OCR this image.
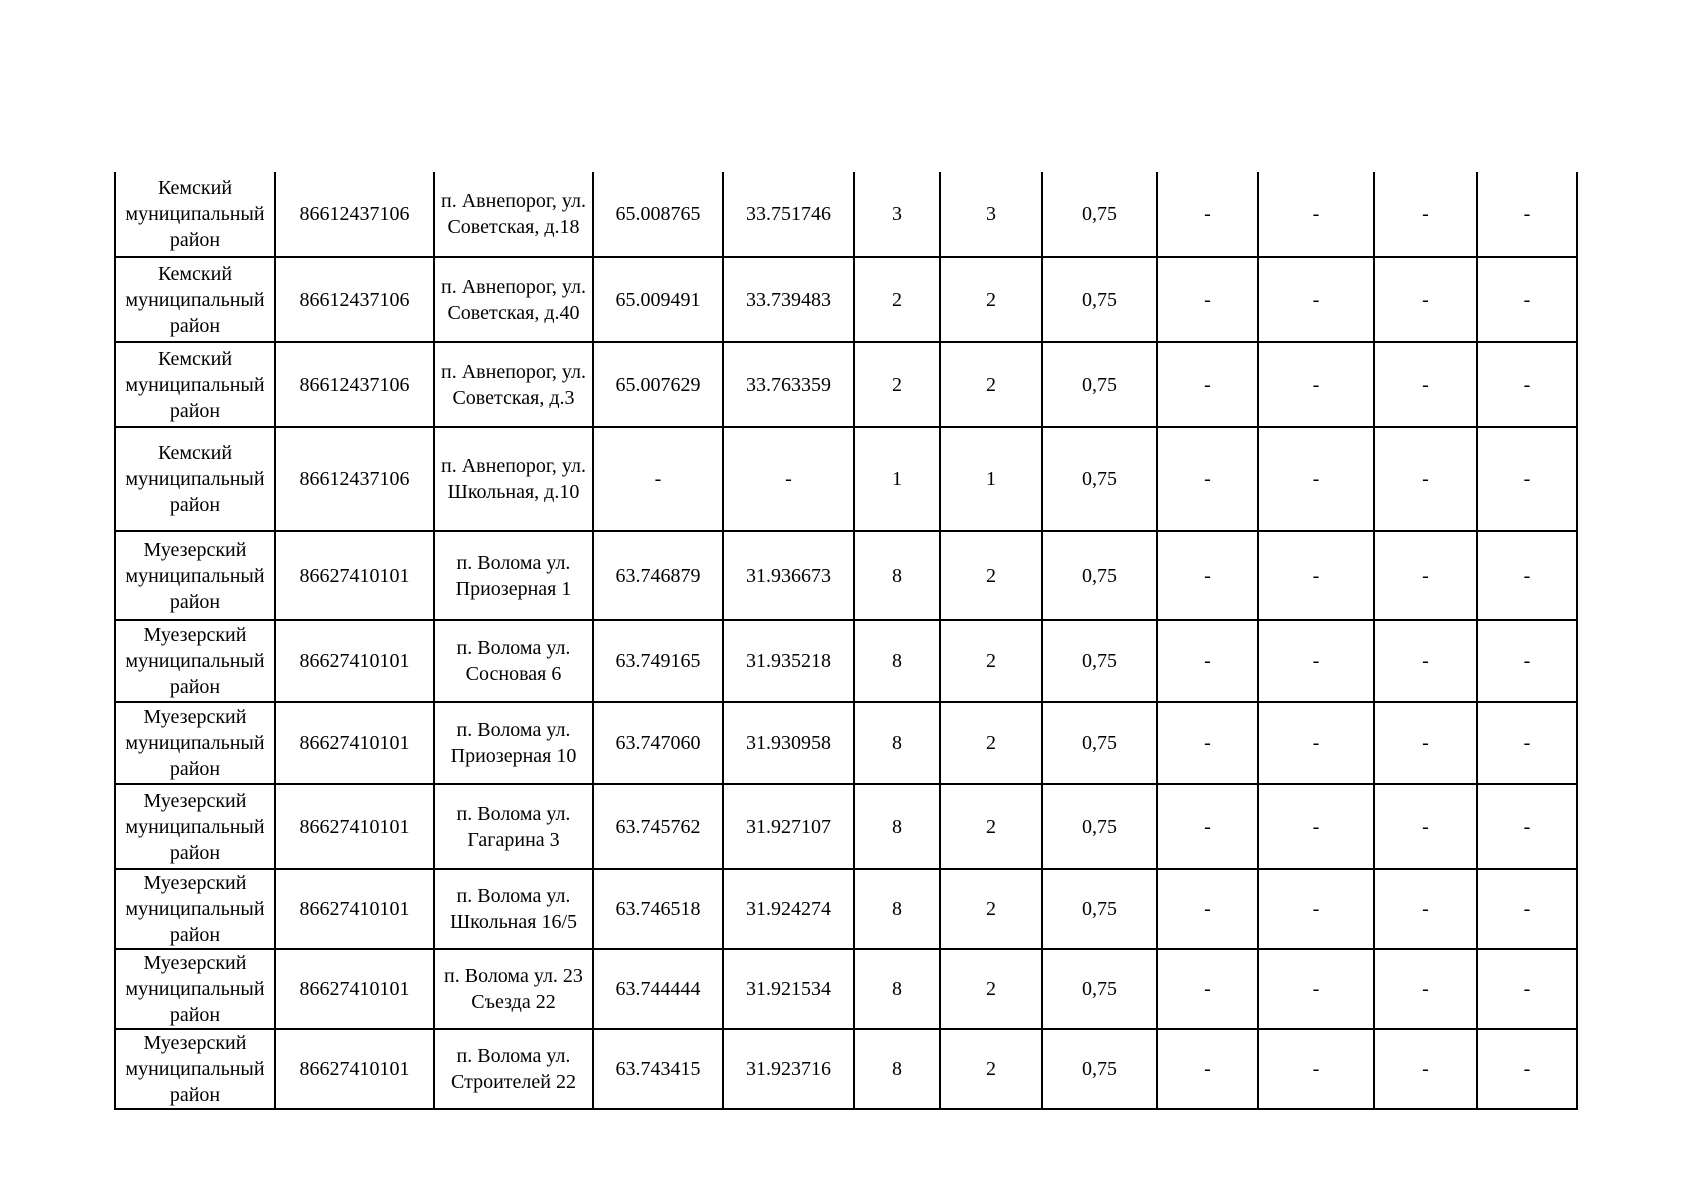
Кемский муниципальный район	86612437106	п. Авнепорог, ул. Советская, д.18	65.008765	33.751746	3	3	0,75	-	-	-	-
Кемский муниципальный район	86612437106	п. Авнепорог, ул. Советская, д.40	65.009491	33.739483	2	2	0,75	-	-	-	-
Кемский муниципальный район	86612437106	п. Авнепорог, ул. Советская, д.3	65.007629	33.763359	2	2	0,75	-	-	-	-
Кемский муниципальный район	86612437106	п. Авнепорог, ул. Школьная, д.10	-	-	1	1	0,75	-	-	-	-
Муезерский муниципальный район	86627410101	п. Волома ул. Приозерная 1	63.746879	31.936673	8	2	0,75	-	-	-	-
Муезерский муниципальный район	86627410101	п. Волома ул. Сосновая 6	63.749165	31.935218	8	2	0,75	-	-	-	-
Муезерский муниципальный район	86627410101	п. Волома ул. Приозерная 10	63.747060	31.930958	8	2	0,75	-	-	-	-
Муезерский муниципальный район	86627410101	п. Волома ул. Гагарина 3	63.745762	31.927107	8	2	0,75	-	-	-	-
Муезерский муниципальный район	86627410101	п. Волома ул. Школьная 16/5	63.746518	31.924274	8	2	0,75	-	-	-	-
Муезерский муниципальный район	86627410101	п. Волома ул. 23 Съезда 22	63.744444	31.921534	8	2	0,75	-	-	-	-
Муезерский муниципальный район	86627410101	п. Волома ул. Строителей 22	63.743415	31.923716	8	2	0,75	-	-	-	-
